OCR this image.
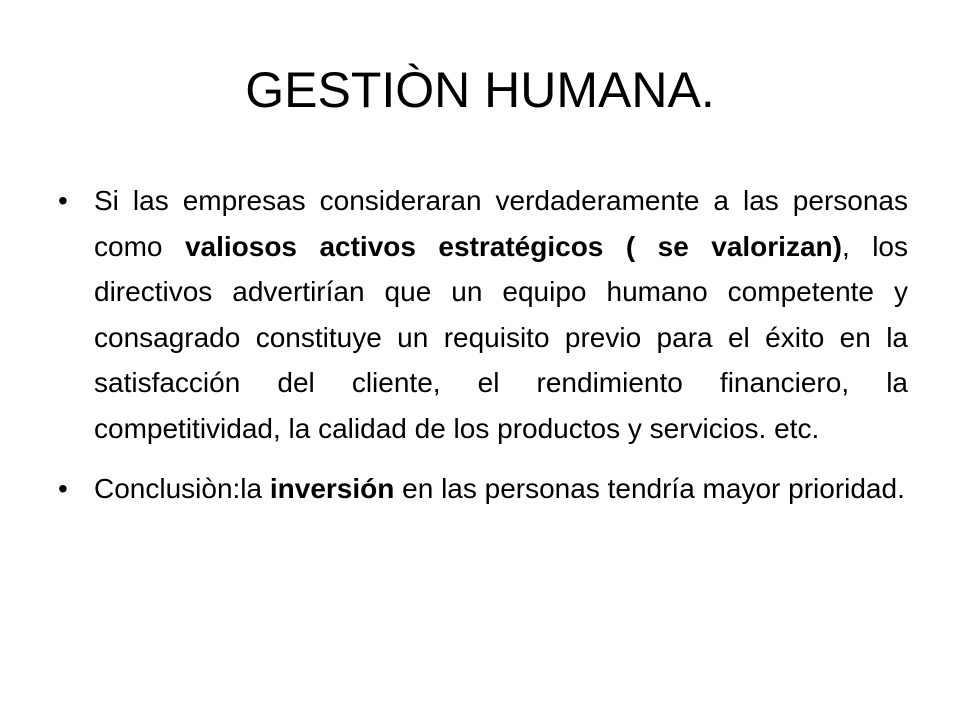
GESTIÒN HUMANA.
• Si las empresas consideraran verdaderamente a las personas como valiosos activos estratégicos ( se valorizan), los directivos advertirían que un equipo humano competente y consagrado constituye un requisito previo para el éxito en la satisfacción del cliente, el rendimiento financiero, la competitividad, la calidad de los productos y servicios. etc.
• Conclusiòn:la inversión en las personas tendría mayor prioridad.
